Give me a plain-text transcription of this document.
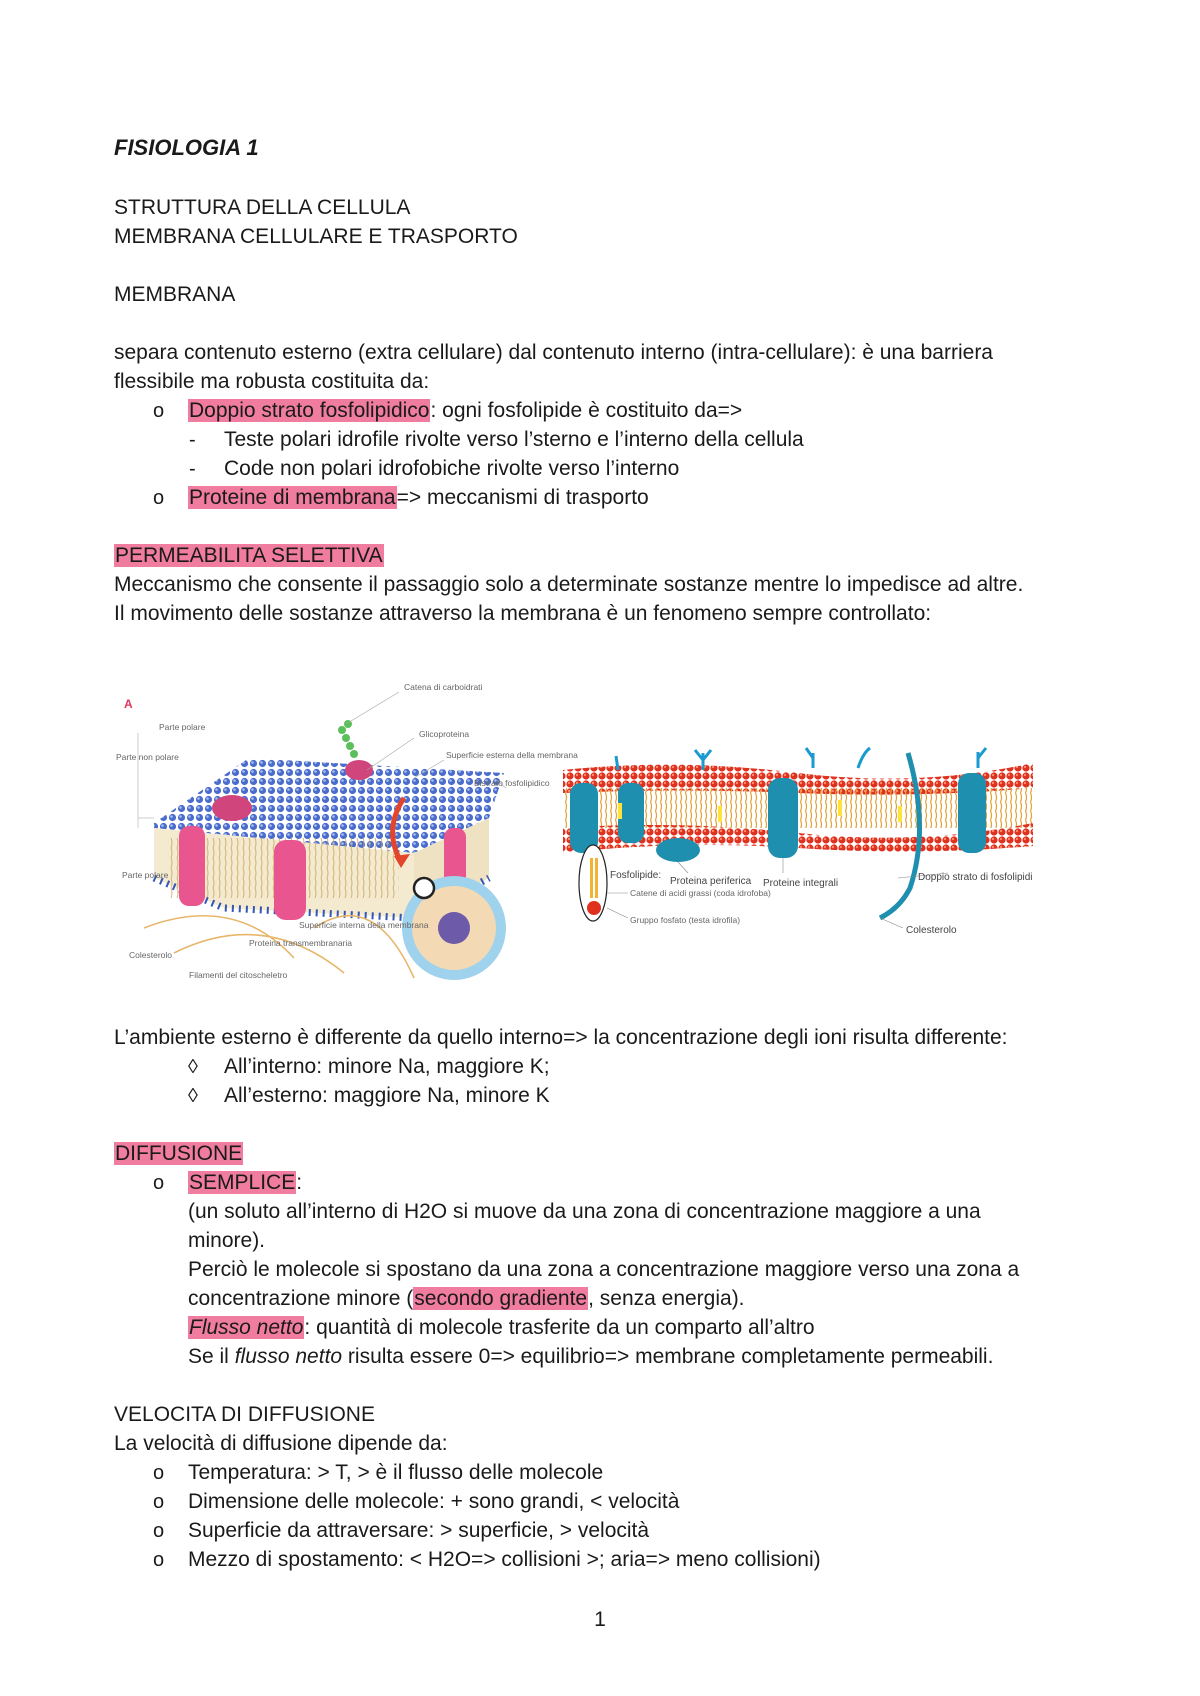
FISIOLOGIA 1
STRUTTURA DELLA CELLULA
MEMBRANA CELLULARE E TRASPORTO
MEMBRANA
separa contenuto esterno (extra cellulare) dal contenuto interno (intra-cellulare): è una barriera
flessibile ma robusta costituita da:
o Doppio strato fosfolipidico: ogni fosfolipide è costituito da=>
- Teste polari idrofile rivolte verso l’sterno e l’interno della cellula
- Code non polari idrofobiche rivolte verso l’interno
o Proteine di membrana=> meccanismi di trasporto
PERMEABILITA SELETTIVA
Meccanismo che consente il passaggio solo a determinate sostanze mentre lo impedisce ad altre.
Il movimento delle sostanze attraverso la membrana è un fenomeno sempre controllato:
A
Catena di carboidrati
Glicoproteina
Superficie esterna della membrana
Bistrato fosfolipidico
Parte polare
Parte non polare
Parte polare
Superficie interna della membrana
Proteina transmembranaria
Colesterolo
Filamenti del citoscheletro
Fosfolipide:
Catene di acidi grassi (coda idrofoba)
Gruppo fosfato (testa idrofila)
Proteina periferica Proteine integrali
Doppio strato di fosfolipidi
Colesterolo
L’ambiente esterno è differente da quello interno=> la concentrazione degli ioni risulta differente:
◊ All’interno: minore Na, maggiore K;
◊ All’esterno: maggiore Na, minore K
DIFFUSIONE
o SEMPLICE:
(un soluto all’interno di H2O si muove da una zona di concentrazione maggiore a una
minore).
Perciò le molecole si spostano da una zona a concentrazione maggiore verso una zona a
concentrazione minore (secondo gradiente, senza energia).
Flusso netto: quantità di molecole trasferite da un comparto all’altro
Se il flusso netto risulta essere 0=> equilibrio=> membrane completamente permeabili.
VELOCITA DI DIFFUSIONE
La velocità di diffusione dipende da:
o Temperatura: > T, > è il flusso delle molecole
o Dimensione delle molecole: + sono grandi, < velocità
o Superficie da attraversare: > superficie, > velocità
o Mezzo di spostamento: < H2O=> collisioni >; aria=> meno collisioni)
1
